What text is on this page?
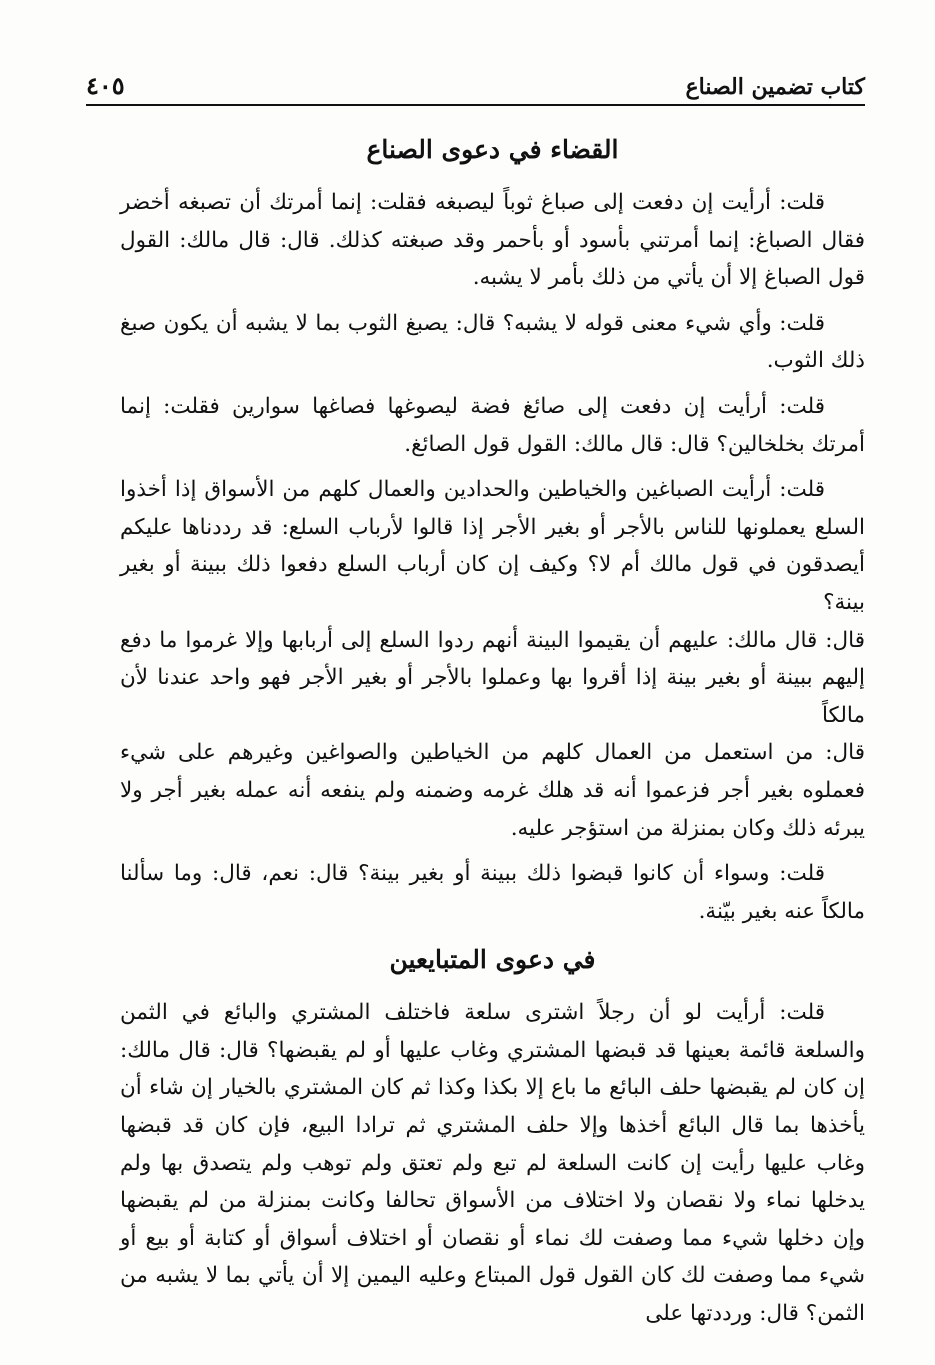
كتاب تضمين الصناع
٤٠٥
القضاء في دعوى الصناع

قلت: أرأيت إن دفعت إلى صباغ ثوباً ليصبغه فقلت: إنما أمرتك أن تصبغه أخضر فقال الصباغ: إنما أمرتني بأسود أو بأحمر وقد صبغته كذلك. قال: قال مالك: القول قول الصباغ إلا أن يأتي من ذلك بأمر لا يشبه.

قلت: وأي شيء معنى قوله لا يشبه؟ قال: يصبغ الثوب بما لا يشبه أن يكون صبغ ذلك الثوب.

قلت: أرأيت إن دفعت إلى صائغ فضة ليصوغها فصاغها سوارين فقلت: إنما أمرتك بخلخالين؟ قال: قال مالك: القول قول الصائغ.

قلت: أرأيت الصباغين والخياطين والحدادين والعمال كلهم من الأسواق إذا أخذوا السلع يعملونها للناس بالأجر أو بغير الأجر إذا قالوا لأرباب السلع: قد رددناها عليكم أيصدقون في قول مالك أم لا؟ وكيف إن كان أرباب السلع دفعوا ذلك ببينة أو بغير بينة؟

قال: قال مالك: عليهم أن يقيموا البينة أنهم ردوا السلع إلى أربابها وإلا غرموا ما دفع إليهم ببينة أو بغير بينة إذا أقروا بها وعملوا بالأجر أو بغير الأجر فهو واحد عندنا لأن مالكاً

قال: من استعمل من العمال كلهم من الخياطين والصواغين وغيرهم على شيء فعملوه بغير أجر فزعموا أنه قد هلك غرمه وضمنه ولم ينفعه أنه عمله بغير أجر ولا يبرئه ذلك وكان بمنزلة من استؤجر عليه.

قلت: وسواء أن كانوا قبضوا ذلك ببينة أو بغير بينة؟ قال: نعم، قال: وما سألنا مالكاً عنه بغير بيّنة.

في دعوى المتبايعين

قلت: أرأيت لو أن رجلاً اشترى سلعة فاختلف المشتري والبائع في الثمن والسلعة قائمة بعينها قد قبضها المشتري وغاب عليها أو لم يقبضها؟ قال: قال مالك: إن كان لم يقبضها حلف البائع ما باع إلا بكذا وكذا ثم كان المشتري بالخيار إن شاء أن يأخذها بما قال البائع أخذها وإلا حلف المشتري ثم ترادا البيع، فإن كان قد قبضها وغاب عليها رأيت إن كانت السلعة لم تبع ولم تعتق ولم توهب ولم يتصدق بها ولم يدخلها نماء ولا نقصان ولا اختلاف من الأسواق تحالفا وكانت بمنزلة من لم يقبضها وإن دخلها شيء مما وصفت لك نماء أو نقصان أو اختلاف أسواق أو كتابة أو بيع أو شيء مما وصفت لك كان القول قول المبتاع وعليه اليمين إلا أن يأتي بما لا يشبه من الثمن؟ قال: ورددتها على
